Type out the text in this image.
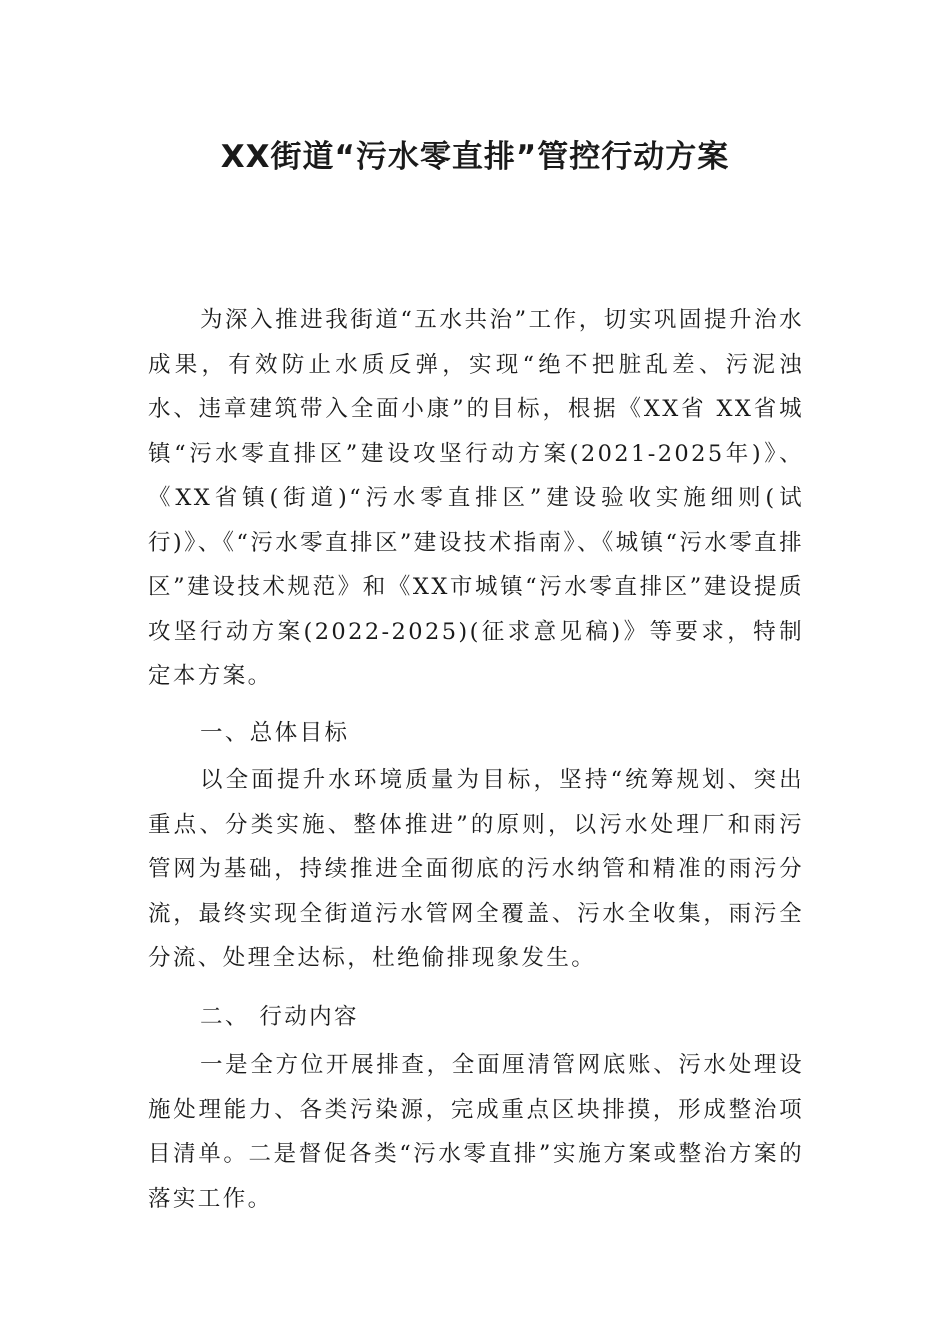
XX街道“污水零直排”管控行动方案

为深入推进我街道“五水共治”工作，切实巩固提升治水成果，有效防止水质反弹，实现“绝不把脏乱差、污泥浊水、违章建筑带入全面小康”的目标，根据《XX省 XX省城镇“污水零直排区”建设攻坚行动方案(2021-2025年)》、《XX省镇(街道)“污水零直排区”建设验收实施细则(试行)》、《“污水零直排区”建设技术指南》、《城镇“污水零直排区”建设技术规范》和《XX市城镇“污水零直排区”建设提质攻坚行动方案(2022-2025)(征求意见稿)》等要求，特制定本方案。

一、总体目标

以全面提升水环境质量为目标，坚持“统筹规划、突出重点、分类实施、整体推进”的原则，以污水处理厂和雨污管网为基础，持续推进全面彻底的污水纳管和精准的雨污分流，最终实现全街道污水管网全覆盖、污水全收集，雨污全分流、处理全达标，杜绝偷排现象发生。

二、 行动内容

一是全方位开展排查，全面厘清管网底账、污水处理设施处理能力、各类污染源，完成重点区块排摸，形成整治项目清单。二是督促各类“污水零直排”实施方案或整治方案的落实工作。
